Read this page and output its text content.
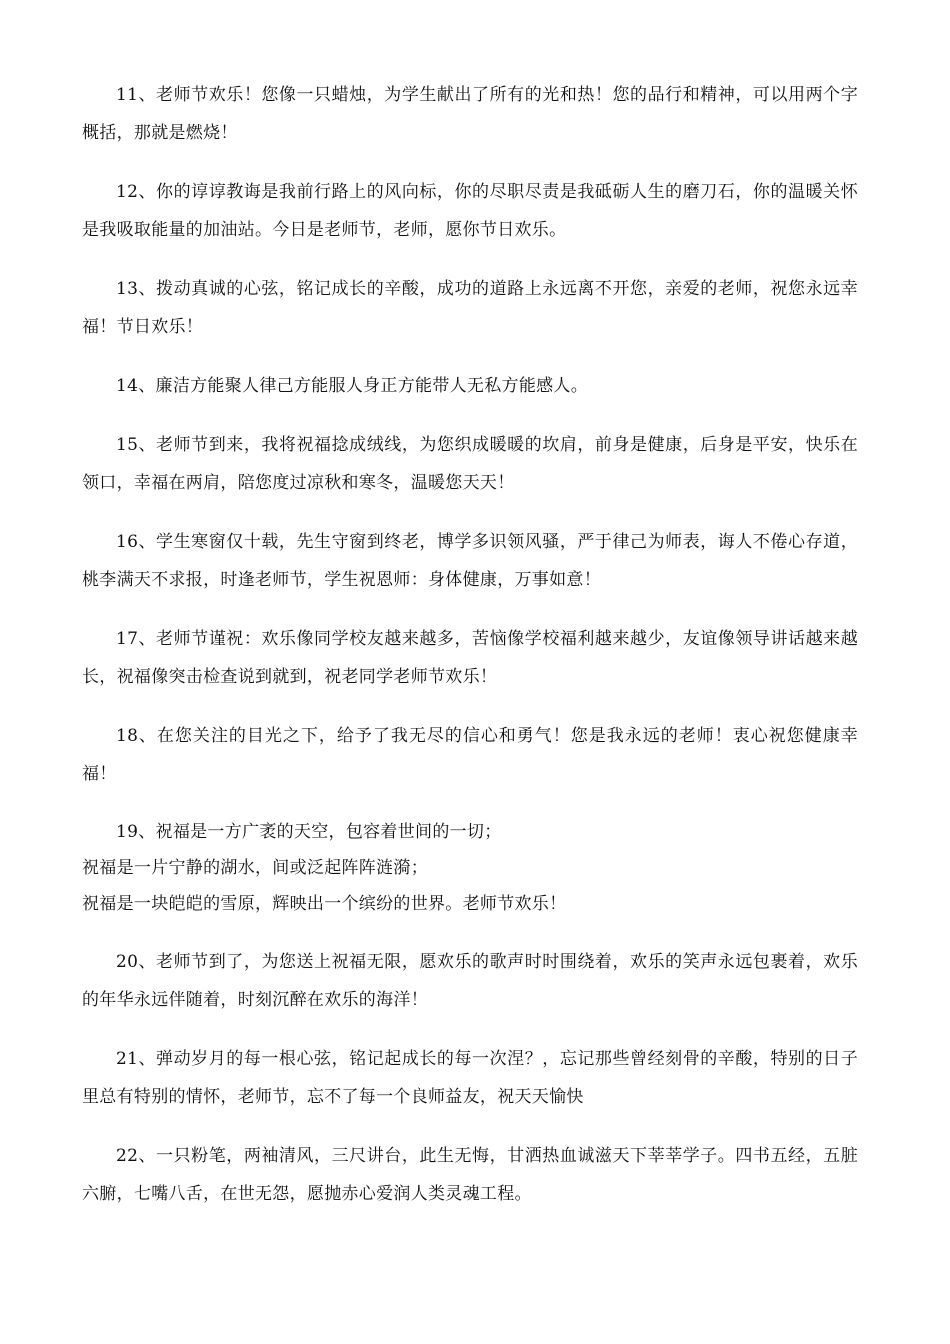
11、老师节欢乐！您像一只蜡烛，为学生献出了所有的光和热！您的品行和精神，可以用两个字概括，那就是燃烧！

12、你的谆谆教诲是我前行路上的风向标，你的尽职尽责是我砥砺人生的磨刀石，你的温暖关怀是我吸取能量的加油站。今日是老师节，老师，愿你节日欢乐。

13、拨动真诚的心弦，铭记成长的辛酸，成功的道路上永远离不开您，亲爱的老师，祝您永远幸福！节日欢乐！

14、廉洁方能聚人律己方能服人身正方能带人无私方能感人。

15、老师节到来，我将祝福捻成绒线，为您织成暖暖的坎肩，前身是健康，后身是平安，快乐在领口，幸福在两肩，陪您度过凉秋和寒冬，温暖您天天！

16、学生寒窗仅十载，先生守窗到终老，博学多识领风骚，严于律己为师表，诲人不倦心存道，桃李满天不求报，时逢老师节，学生祝恩师：身体健康，万事如意！

17、老师节谨祝：欢乐像同学校友越来越多，苦恼像学校福利越来越少，友谊像领导讲话越来越长，祝福像突击检查说到就到，祝老同学老师节欢乐！

18、在您关注的目光之下，给予了我无尽的信心和勇气！您是我永远的老师！衷心祝您健康幸福！

19、祝福是一方广袤的天空，包容着世间的一切；
祝福是一片宁静的湖水，间或泛起阵阵涟漪；
祝福是一块皑皑的雪原，辉映出一个缤纷的世界。老师节欢乐！

20、老师节到了，为您送上祝福无限，愿欢乐的歌声时时围绕着，欢乐的笑声永远包裹着，欢乐的年华永远伴随着，时刻沉醉在欢乐的海洋！

21、弹动岁月的每一根心弦，铭记起成长的每一次涅？，忘记那些曾经刻骨的辛酸，特别的日子里总有特别的情怀，老师节，忘不了每一个良师益友，祝天天愉快

22、一只粉笔，两袖清风，三尺讲台，此生无悔，甘洒热血诚滋天下莘莘学子。四书五经，五脏六腑，七嘴八舌，在世无怨，愿抛赤心爱润人类灵魂工程。
